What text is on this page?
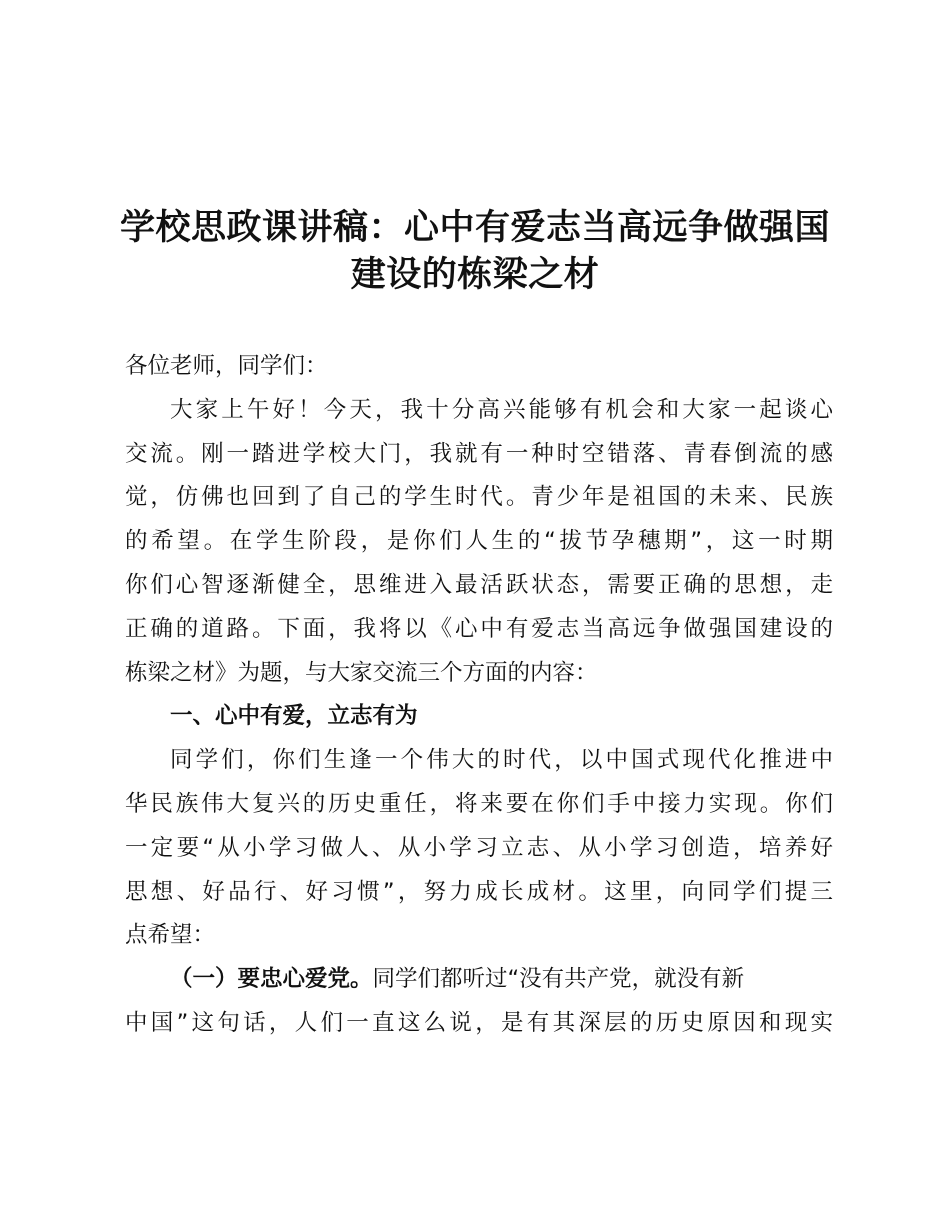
学校思政课讲稿：心中有爱志当高远争做强国
建设的栋梁之材
各位老师，同学们：
大家上午好！今天，我十分高兴能够有机会和大家一起谈心
交流。刚一踏进学校大门，我就有一种时空错落、青春倒流的感
觉，仿佛也回到了自己的学生时代。青少年是祖国的未来、民族
的希望。在学生阶段，是你们人生的“拔节孕穗期”，这一时期
你们心智逐渐健全，思维进入最活跃状态，需要正确的思想，走
正确的道路。下面，我将以《心中有爱志当高远争做强国建设的
栋梁之材》为题，与大家交流三个方面的内容：
一、心中有爱，立志有为
同学们，你们生逢一个伟大的时代，以中国式现代化推进中
华民族伟大复兴的历史重任，将来要在你们手中接力实现。你们
一定要“从小学习做人、从小学习立志、从小学习创造，培养好
思想、好品行、好习惯”，努力成长成材。这里，向同学们提三
点希望：
（一）要忠心爱党。同学们都听过“没有共产党，就没有新
中国”这句话，人们一直这么说，是有其深层的历史原因和现实
